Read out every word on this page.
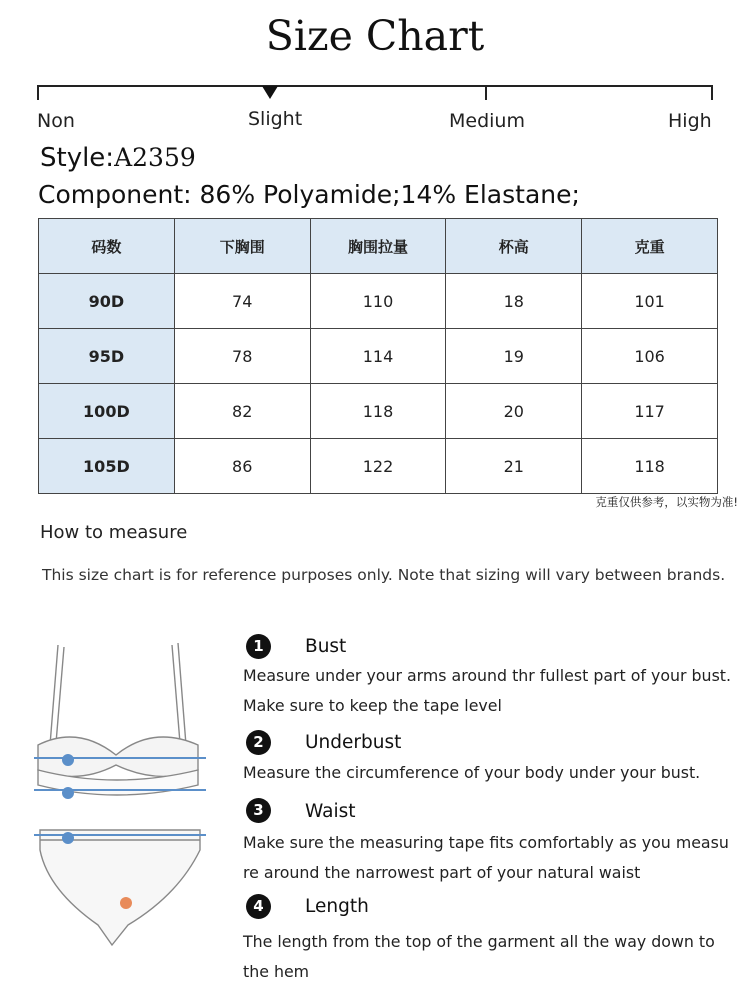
Size Chart
Non	Slight	Medium	High
Style:A2359
Component: 86% Polyamide;14% Elastane;
码数	下胸围	胸围拉量	杯高	克重
90D	74	110	18	101
95D	78	114	19	106
100D	82	118	20	117
105D	86	122	21	118
克重仅供参考，以实物为准!
How to measure
This size chart is for reference purposes only. Note that sizing will vary between brands.
1	Bust
Measure under your arms around thr fullest part of your bust.
Make sure to keep the tape level
2	Underbust
Measure the circumference of your body under your bust.
3	Waist
Make sure the measuring tape fits comfortably as you measu
re around the narrowest part of your natural waist
4	Length
The length from the top of the garment all the way down to
the hem
